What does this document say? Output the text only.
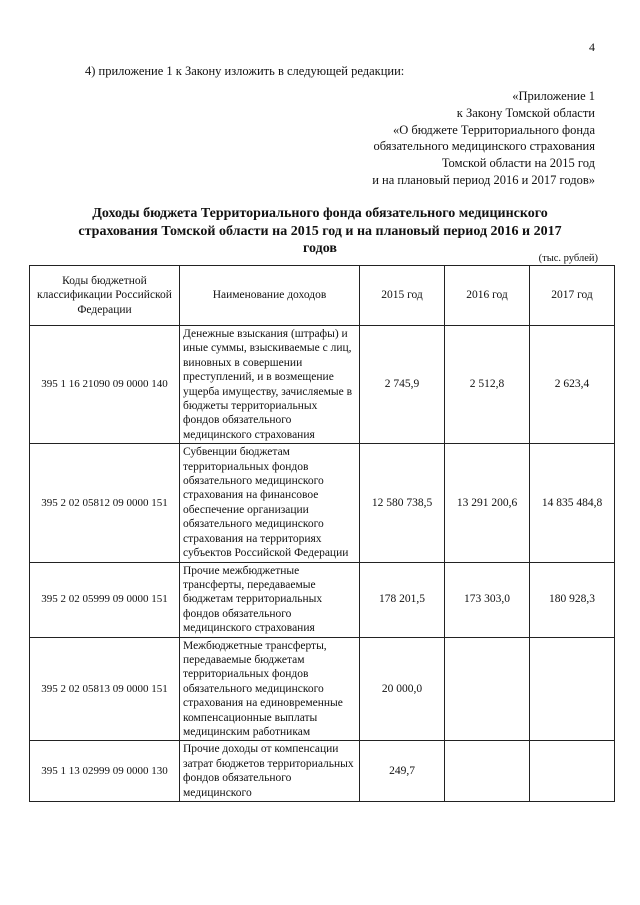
4
4) приложение 1 к Закону изложить в следующей редакции:
«Приложение 1
к Закону Томской области
«О бюджете Территориального фонда
обязательного медицинского страхования
Томской области на 2015 год
и на плановый период 2016 и 2017 годов»
Доходы бюджета Территориального фонда обязательного медицинского
страхования Томской области на 2015 год и на плановый период 2016 и 2017
годов
(тыс. рублей)
Коды бюджетной классификации Российской Федерации	Наименование доходов	2015 год	2016 год	2017 год
395 1 16 21090 09 0000 140	Денежные взыскания (штрафы) и иные суммы, взыскиваемые с лиц, виновных в совершении преступлений, и в возмещение ущерба имуществу, зачисляемые в бюджеты территориальных фондов обязательного медицинского страхования	2 745,9	2 512,8	2 623,4
395 2 02 05812 09 0000 151	Субвенции бюджетам территориальных фондов обязательного медицинского страхования на финансовое обеспечение организации обязательного медицинского страхования на территориях субъектов Российской Федерации	12 580 738,5	13 291 200,6	14 835 484,8
395 2 02 05999 09 0000 151	Прочие межбюджетные трансферты, передаваемые бюджетам территориальных фондов обязательного медицинского страхования	178 201,5	173 303,0	180 928,3
395 2 02 05813 09 0000 151	Межбюджетные трансферты, передаваемые бюджетам территориальных фондов обязательного медицинского страхования на единовременные компенсационные выплаты медицинским работникам	20 000,0		
395 1 13 02999 09 0000 130	Прочие доходы от компенсации затрат бюджетов территориальных фондов обязательного медицинского	249,7		
